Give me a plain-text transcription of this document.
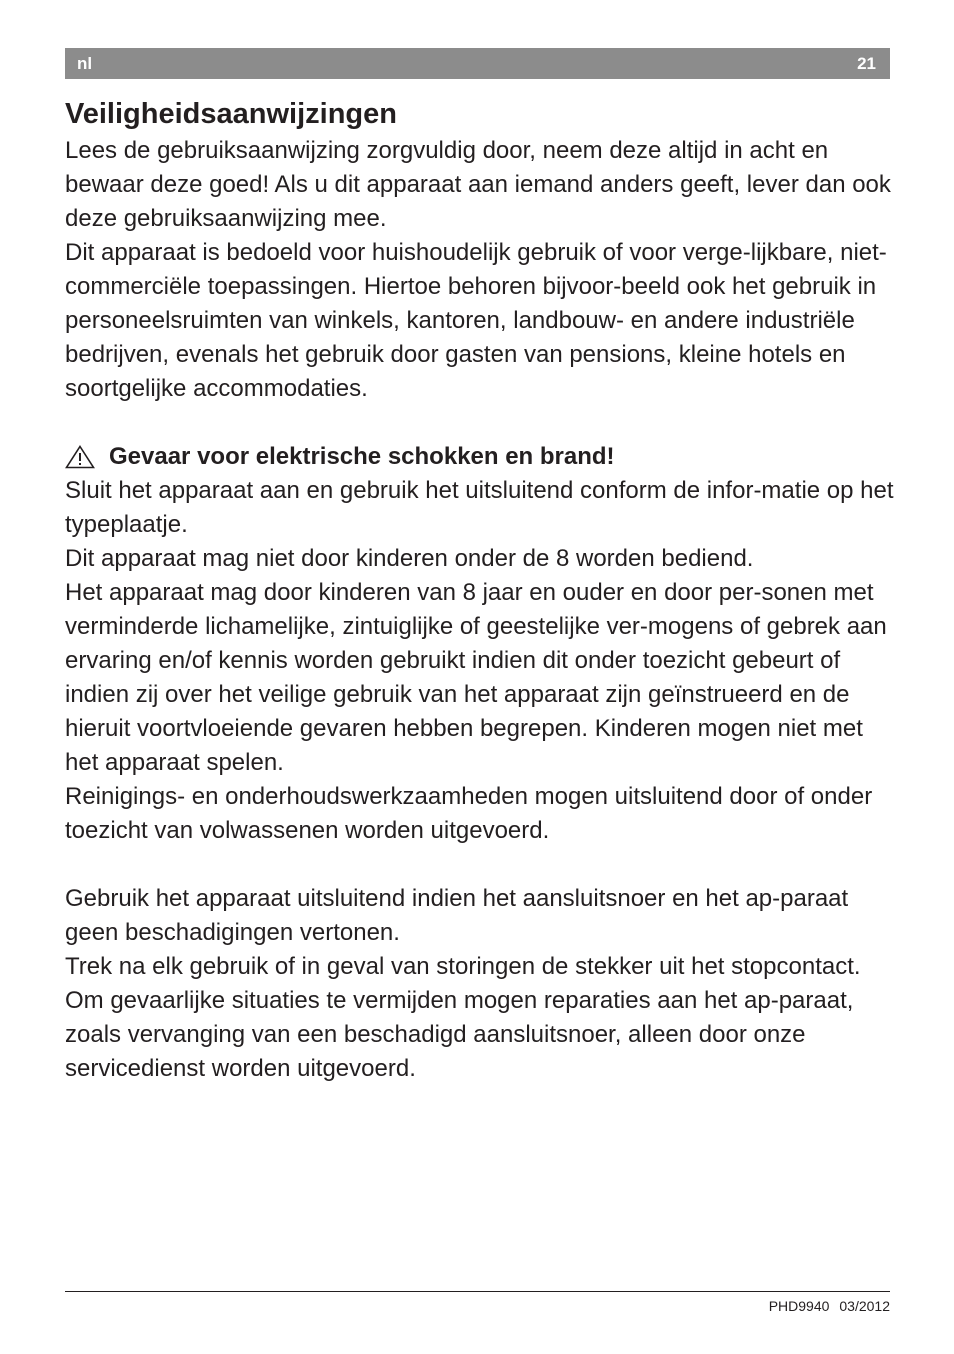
nl	21
Veiligheidsaanwijzingen

Lees de gebruiksaanwijzing zorgvuldig door, neem deze altijd in acht en bewaar deze goed! Als u dit apparaat aan iemand anders geeft, lever dan ook deze gebruiksaanwijzing mee.

Dit apparaat is bedoeld voor huishoudelijk gebruik of voor verge-lijkbare, niet-commerciële toepassingen. Hiertoe behoren bijvoor-beeld ook het gebruik in personeelsruimten van winkels, kantoren, landbouw- en andere industriële bedrijven, evenals het gebruik door gasten van pensions, kleine hotels en soortgelijke accommodaties.

Gevaar voor elektrische schokken en brand!

Sluit het apparaat aan en gebruik het uitsluitend conform de infor-matie op het typeplaatje.

Dit apparaat mag niet door kinderen onder de 8 worden bediend.

Het apparaat mag door kinderen van 8 jaar en ouder en door per-sonen met verminderde lichamelijke, zintuiglijke of geestelijke ver-mogens of gebrek aan ervaring en/of kennis worden gebruikt indien dit onder toezicht gebeurt of indien zij over het veilige gebruik van het apparaat zijn geïnstrueerd en de hieruit voortvloeiende gevaren hebben begrepen. Kinderen mogen niet met het apparaat spelen.

Reinigings- en onderhoudswerkzaamheden mogen uitsluitend door of onder toezicht van volwassenen worden uitgevoerd.

Gebruik het apparaat uitsluitend indien het aansluitsnoer en het ap-paraat geen beschadigingen vertonen.

Trek na elk gebruik of in geval van storingen de stekker uit het stopcontact.

Om gevaarlijke situaties te vermijden mogen reparaties aan het ap-paraat, zoals vervanging van een beschadigd aansluitsnoer, alleen door onze servicedienst worden uitgevoerd.

PHD9940 03/2012
